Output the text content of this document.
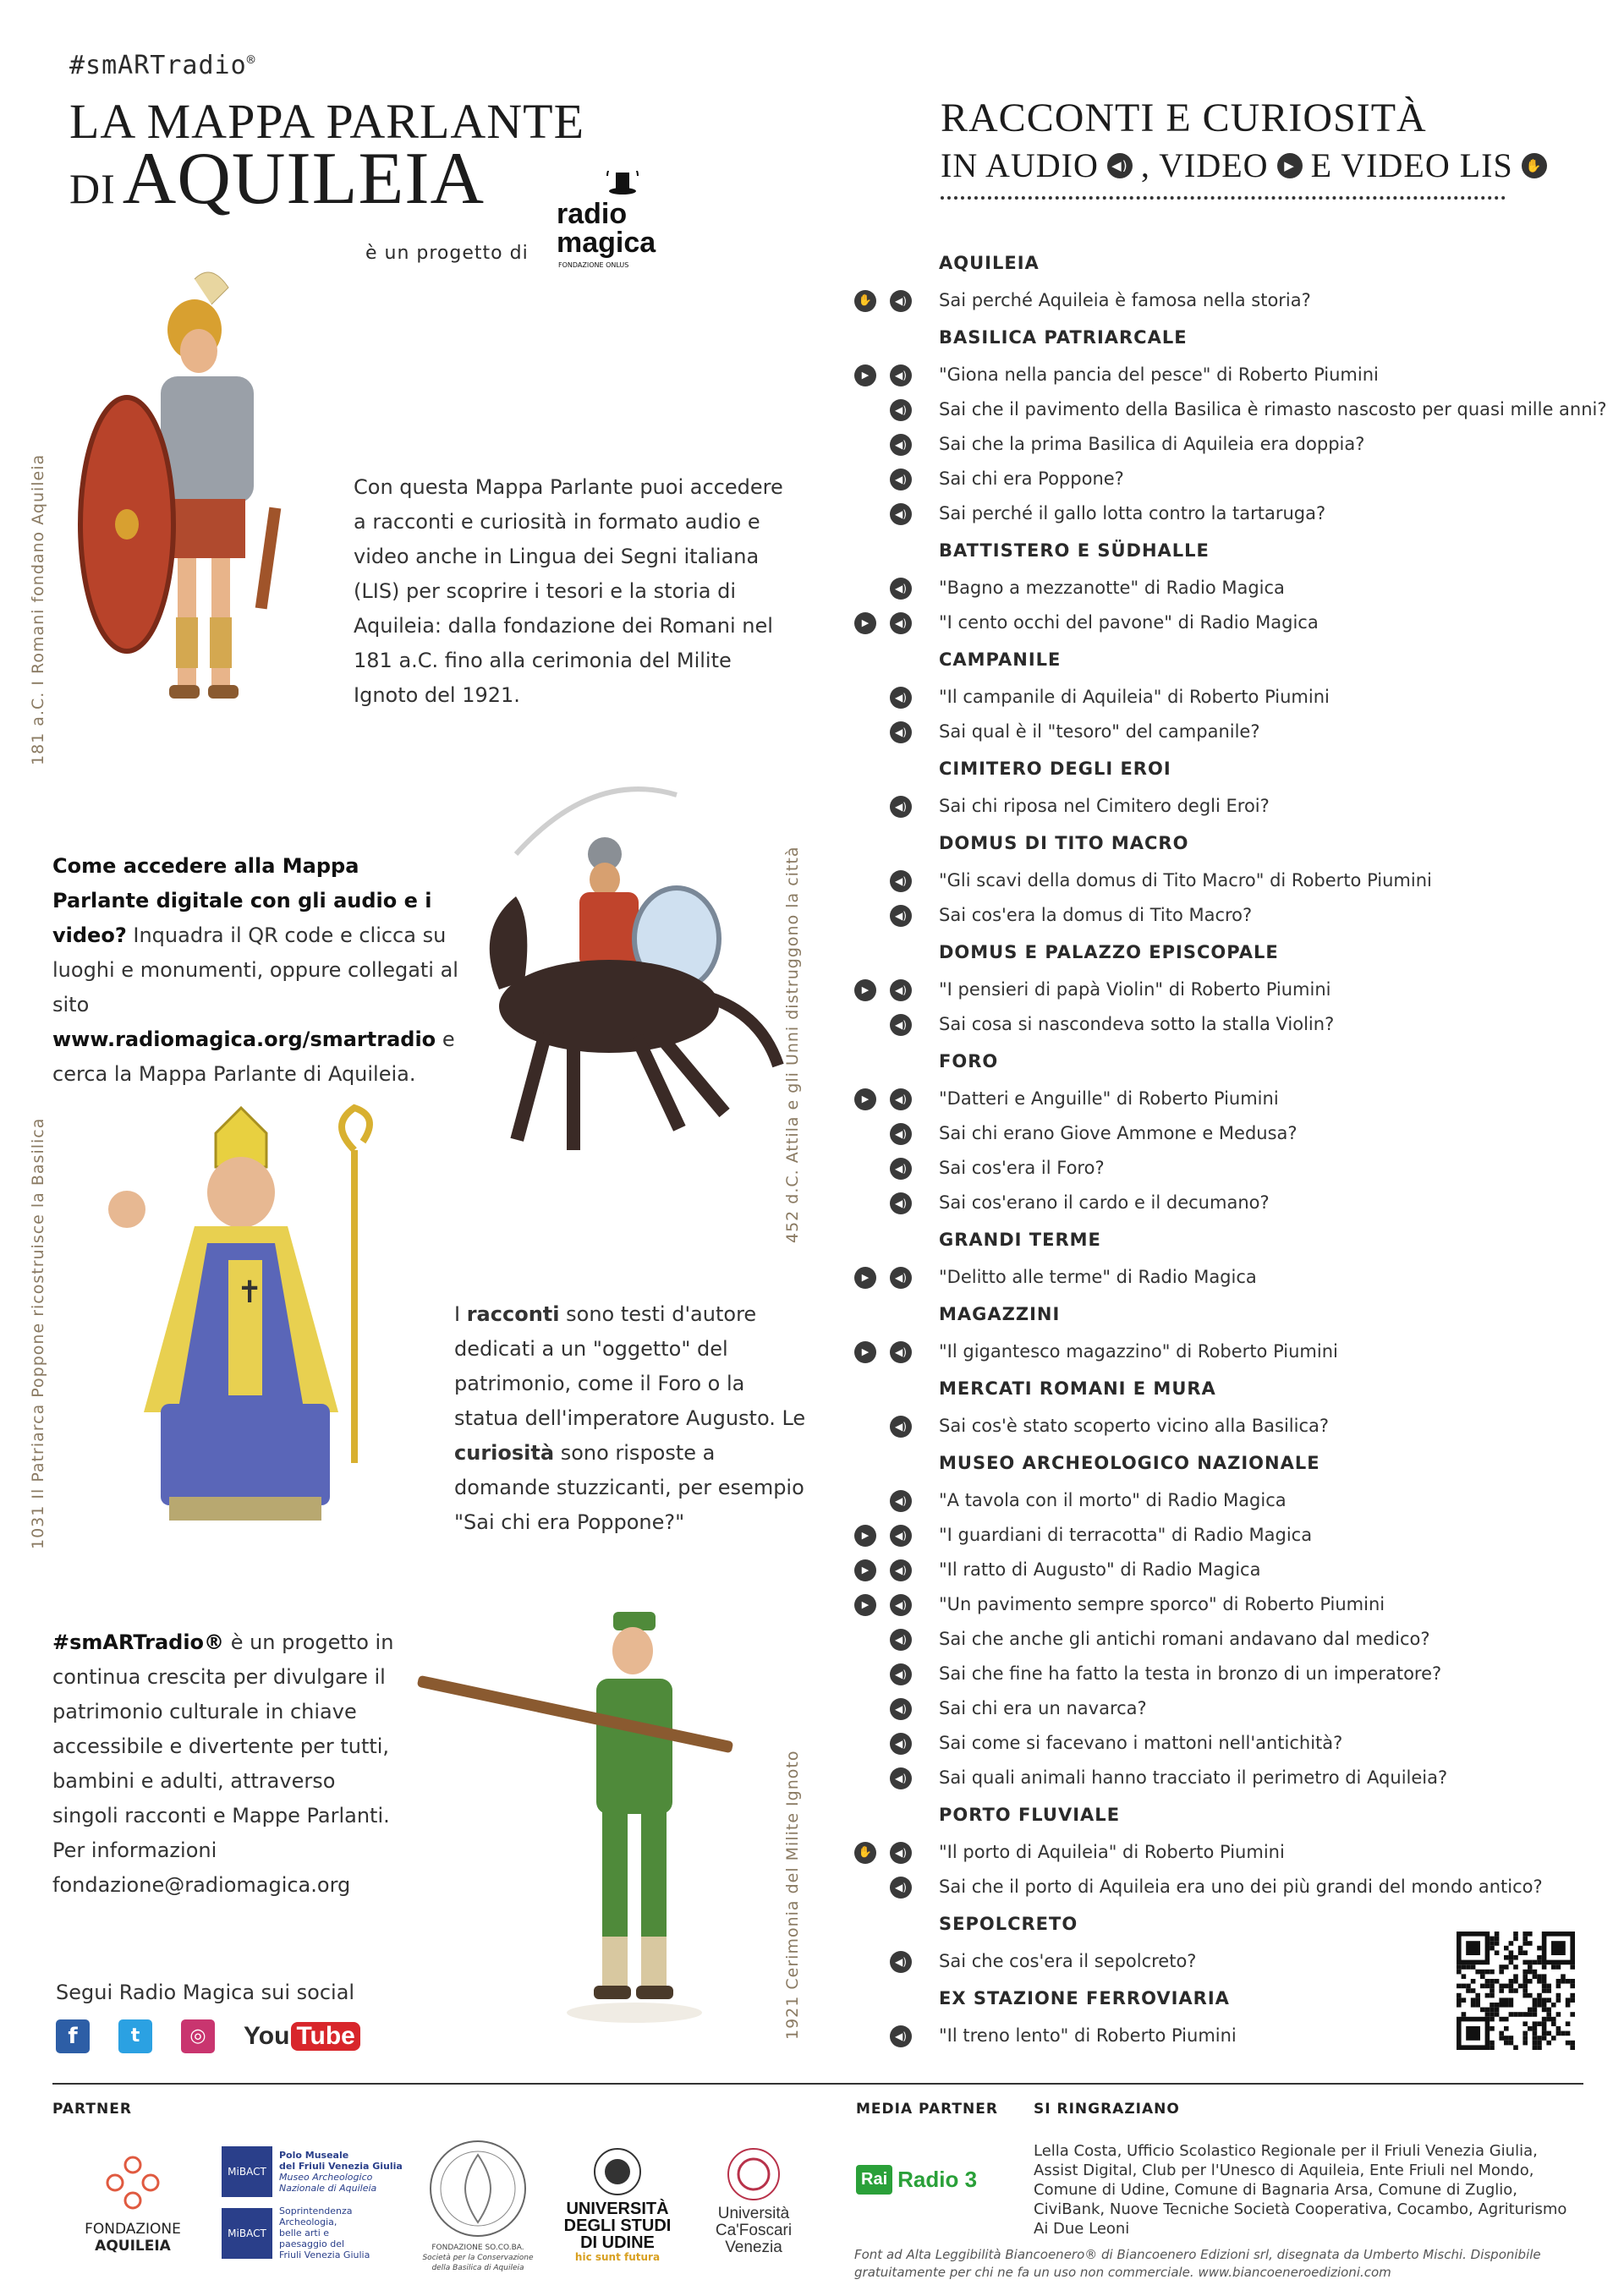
#smARTradio®
LA MAPPA PARLANTE
DIAQUILEIA
è un progetto di
radio
magica
FONDAZIONE ONLUS
RACCONTI E CURIOSITÀ
IN AUDIO	◀) , VIDEO	▶ E VIDEO LIS	✋
181 a.C. I Romani fondano Aquileia
452 d.C. Attila e gli Unni distruggono la città
✝
1031 Il Patriarca Poppone ricostruisce la Basilica
1921 Cerimonia del Milite Ignoto

Con questa Mappa Parlante puoi accedere a racconti e curiosità in formato audio e video anche in Lingua dei Segni italiana (LIS) per scoprire i tesori e la storia di Aquileia: dalla fondazione dei Romani nel 181 a.C. fino alla cerimonia del Milite Ignoto del 1921.

Come accedere alla Mappa Parlante digitale con gli audio e i video? Inquadra il QR code e clicca su luoghi e monumenti, oppure collegati al sito www.radiomagica.org/smartradio e cerca la Mappa Parlante di Aquileia.
I racconti sono testi d'autore dedicati a un "oggetto" del patrimonio, come il Foro o la statua dell'imperatore Augusto. Le curiosità sono risposte a domande stuzzicanti, per esempio "Sai chi era Poppone?"
#smARTradio® è un progetto in continua crescita per divulgare il patrimonio culturale in chiave accessibile e divertente per tutti, bambini e adulti, attraverso singoli racconti e Mappe Parlanti. Per informazioni fondazione@radiomagica.org
Segui Radio Magica sui social
f	t	◎	You Tube
AQUILEIA
✋	◀) Sai perché Aquileia è famosa nella storia?
BASILICA PATRIARCALE
▶	◀) "Giona nella pancia del pesce" di Roberto Piumini
◀) Sai che il pavimento della Basilica è rimasto nascosto per quasi mille anni?
◀) Sai che la prima Basilica di Aquileia era doppia?
◀) Sai chi era Poppone?
◀) Sai perché il gallo lotta contro la tartaruga?
BATTISTERO E SÜDHALLE
◀) "Bagno a mezzanotte" di Radio Magica
▶	◀) "I cento occhi del pavone" di Radio Magica
CAMPANILE
◀) "Il campanile di Aquileia" di Roberto Piumini
◀) Sai qual è il "tesoro" del campanile?
CIMITERO DEGLI EROI
◀) Sai chi riposa nel Cimitero degli Eroi?
DOMUS DI TITO MACRO
◀) "Gli scavi della domus di Tito Macro" di Roberto Piumini
◀) Sai cos'era la domus di Tito Macro?
DOMUS E PALAZZO EPISCOPALE
▶	◀) "I pensieri di papà Violin" di Roberto Piumini
◀) Sai cosa si nascondeva sotto la stalla Violin?
FORO
▶	◀) "Datteri e Anguille" di Roberto Piumini
◀) Sai chi erano Giove Ammone e Medusa?
◀) Sai cos'era il Foro?
◀) Sai cos'erano il cardo e il decumano?
GRANDI TERME
▶	◀) "Delitto alle terme" di Radio Magica
MAGAZZINI
▶	◀) "Il gigantesco magazzino" di Roberto Piumini
MERCATI ROMANI E MURA
◀) Sai cos'è stato scoperto vicino alla Basilica?
MUSEO ARCHEOLOGICO NAZIONALE
◀) "A tavola con il morto" di Radio Magica
▶	◀) "I guardiani di terracotta" di Radio Magica
▶	◀) "Il ratto di Augusto" di Radio Magica
▶	◀) "Un pavimento sempre sporco" di Roberto Piumini
◀) Sai che anche gli antichi romani andavano dal medico?
◀) Sai che fine ha fatto la testa in bronzo di un imperatore?
◀) Sai chi era un navarca?
◀) Sai come si facevano i mattoni nell'antichità?
◀) Sai quali animali hanno tracciato il perimetro di Aquileia?
PORTO FLUVIALE
✋	◀) "Il porto di Aquileia" di Roberto Piumini
◀) Sai che il porto di Aquileia era uno dei più grandi del mondo antico?
SEPOLCRETO
◀) Sai che cos'era il sepolcreto?
EX STAZIONE FERROVIARIA
◀) "Il treno lento" di Roberto Piumini
PARTNER	MEDIA PARTNER SI RINGRAZIANO
FONDAZIONE AQUILEIA
MiBACT
Polo Museale
del Friuli Venezia Giulia
Museo Archeologico
Nazionale di Aquileia
MiBACT
Soprintendenza
Archeologia,
belle arti e
paesaggio del
Friuli Venezia Giulia
FONDAZIONE SO.CO.BA.
Società per la Conservazione
della Basilica di Aquileia
UNIVERSITÀ
DEGLI STUDI
DI UDINE
hic sunt futura
Università
Ca'Foscari
Venezia
Rai Radio 3
Lella Costa, Ufficio Scolastico Regionale per il Friuli Venezia Giulia, Assist Digital, Club per l'Unesco di Aquileia, Ente Friuli nel Mondo, Comune di Udine, Comune di Bagnaria Arsa, Comune di Zuglio, CiviBank, Nuove Tecniche Società Cooperativa, Cocambo, Agriturismo Ai Due Leoni
Font ad Alta Leggibilità Biancoenero® di Biancoenero Edizioni srl, disegnata da Umberto Mischi. Disponibile gratuitamente per chi ne fa un uso non commerciale. www.biancoeneroedizioni.com
